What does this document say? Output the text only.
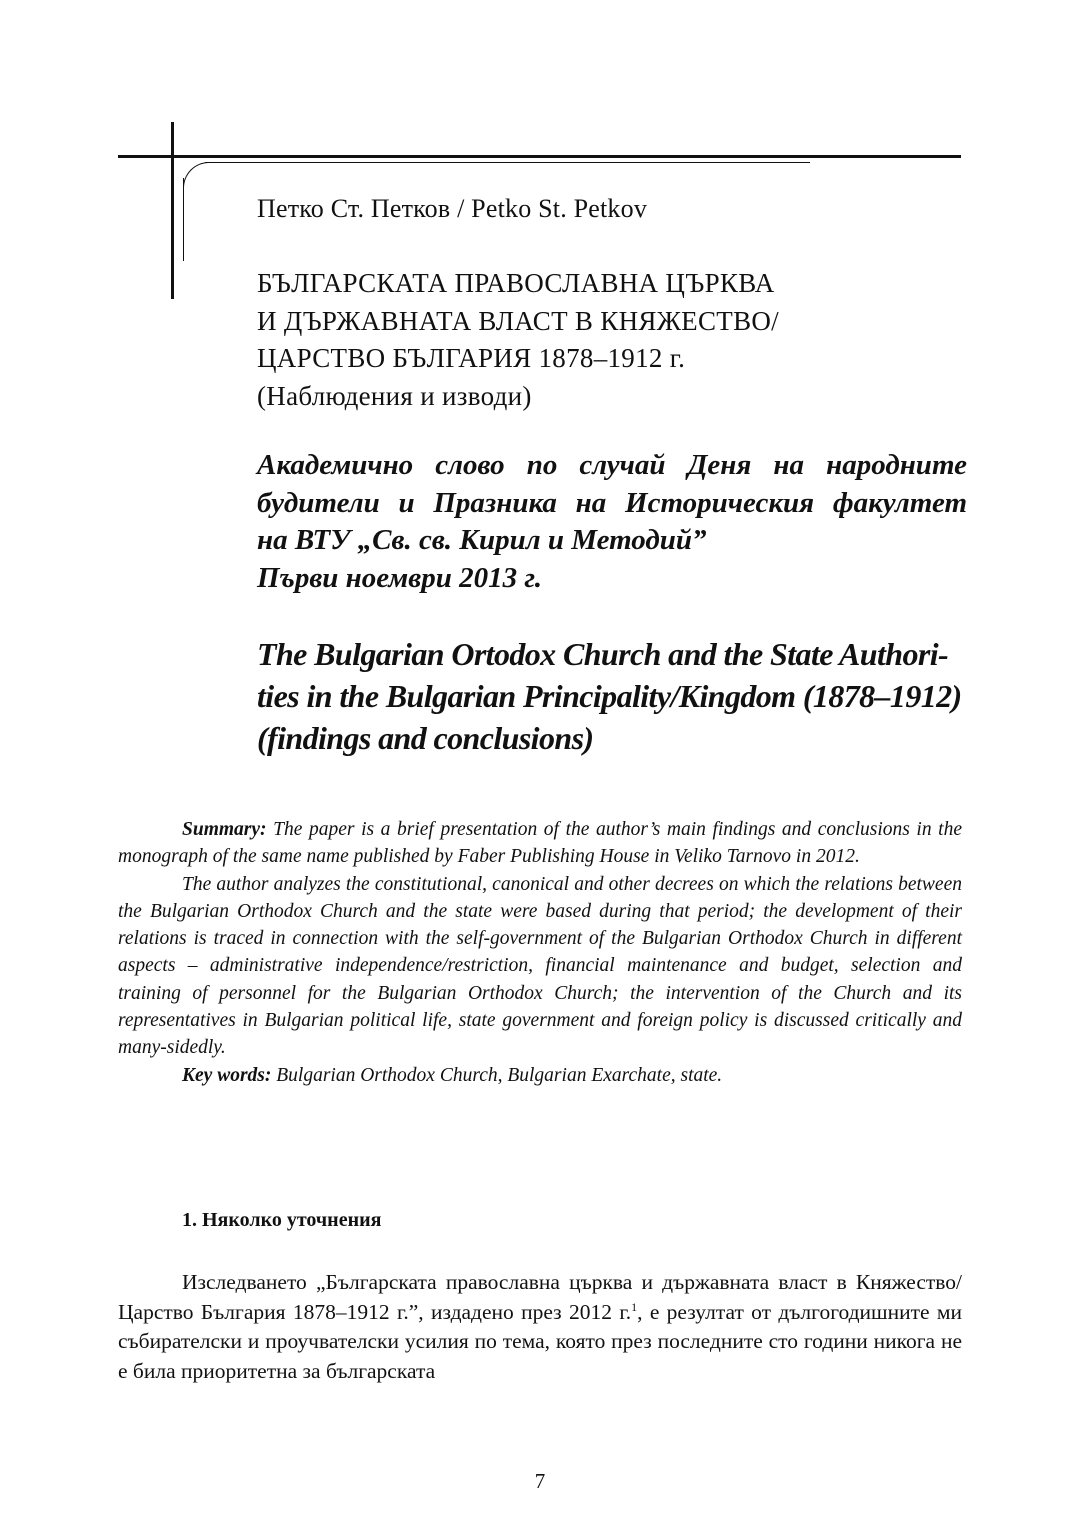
Петко Ст. Петков / Petko St. Petkov
БЪЛГАРСКАТА ПРАВОСЛАВНА ЦЪРКВА
И ДЪРЖАВНАТА ВЛАСТ В КНЯЖЕСТВО/
ЦАРСТВО БЪЛГАРИЯ 1878–1912 г.
(Наблюдения и изводи)
Академично слово по случай Деня на народните
будители и Празника на Историческия факултет
на ВТУ „Св. св. Кирил и Методий”
Първи ноември 2013 г.
The Bulgarian Ortodox Church and the State Authori-
ties in the Bulgarian Principality/Kingdom (1878–1912)
(findings and conclusions)

Summary: The paper is a brief presentation of the author’s main findings and conclusions in the monograph of the same name published by Faber Publishing House in Veliko Tarnovo in 2012.

The author analyzes the constitutional, canonical and other decrees on which the relations between the Bulgarian Orthodox Church and the state were based during that period; the development of their relations is traced in connection with the self-government of the Bulgarian Orthodox Church in different aspects – administrative independence/restriction, financial maintenance and budget, selection and training of personnel for the Bulgarian Orthodox Church; the intervention of the Church and its representatives in Bulgarian political life, state government and foreign policy is discussed critically and many-sidedly.

Key words: Bulgarian Orthodox Church, Bulgarian Exarchate, state.

1. Няколко уточнения

Изследването „Българската православна църква и държавната власт в Княжество/Царство България 1878–1912 г.”, издадено през 2012 г.$^1$, е резултат от дългогодишните ми събирателски и проучвателски усилия по тема, която през последните сто години никога не е била приоритетна за българската

7
